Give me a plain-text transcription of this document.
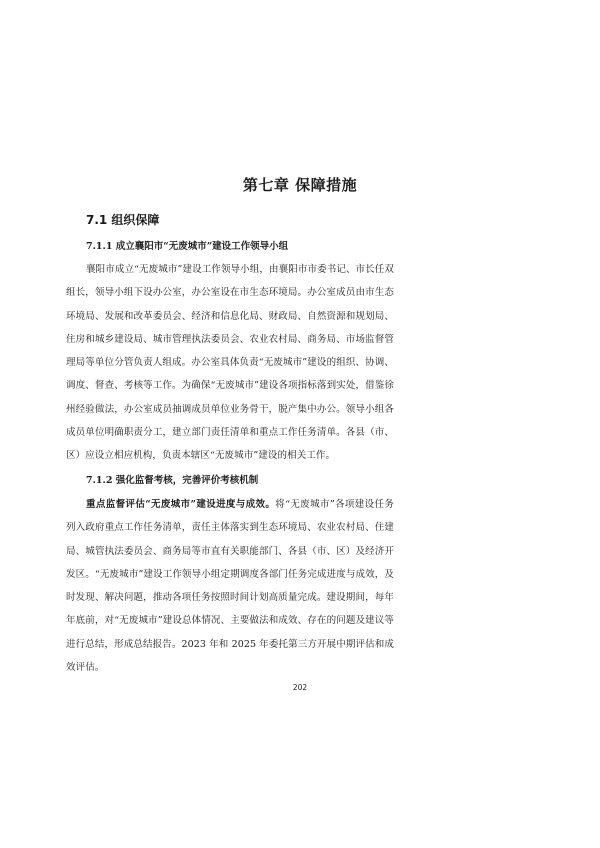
第七章 保障措施
7.1 组织保障
7.1.1 成立襄阳市“无废城市”建设工作领导小组

襄阳市成立“无废城市”建设工作领导小组，由襄阳市市委书记、市长任双组长，领导小组下设办公室，办公室设在市生态环境局。办公室成员由市生态环境局、发展和改革委员会、经济和信息化局、财政局、自然资源和规划局、住房和城乡建设局、城市管理执法委员会、农业农村局、商务局、市场监督管理局等单位分管负责人组成。办公室具体负责“无废城市”建设的组织、协调、调度、督查、考核等工作。为确保“无废城市”建设各项指标落到实处，借鉴徐州经验做法，办公室成员抽调成员单位业务骨干，脱产集中办公。领导小组各成员单位明确职责分工，建立部门责任清单和重点工作任务清单。各县（市、区）应设立相应机构，负责本辖区“无废城市”建设的相关工作。

7.1.2 强化监督考核，完善评价考核机制

重点监督评估“无废城市”建设进度与成效。将“无废城市”各项建设任务列入政府重点工作任务清单，责任主体落实到生态环境局、农业农村局、住建局、城管执法委员会、商务局等市直有关职能部门、各县（市、区）及经济开发区。“无废城市”建设工作领导小组定期调度各部门任务完成进度与成效，及时发现、解决问题，推动各项任务按照时间计划高质量完成。建设期间，每年年底前，对“无废城市”建设总体情况、主要做法和成效、存在的问题及建议等进行总结，形成总结报告。2023 年和 2025 年委托第三方开展中期评估和成效评估。

202
